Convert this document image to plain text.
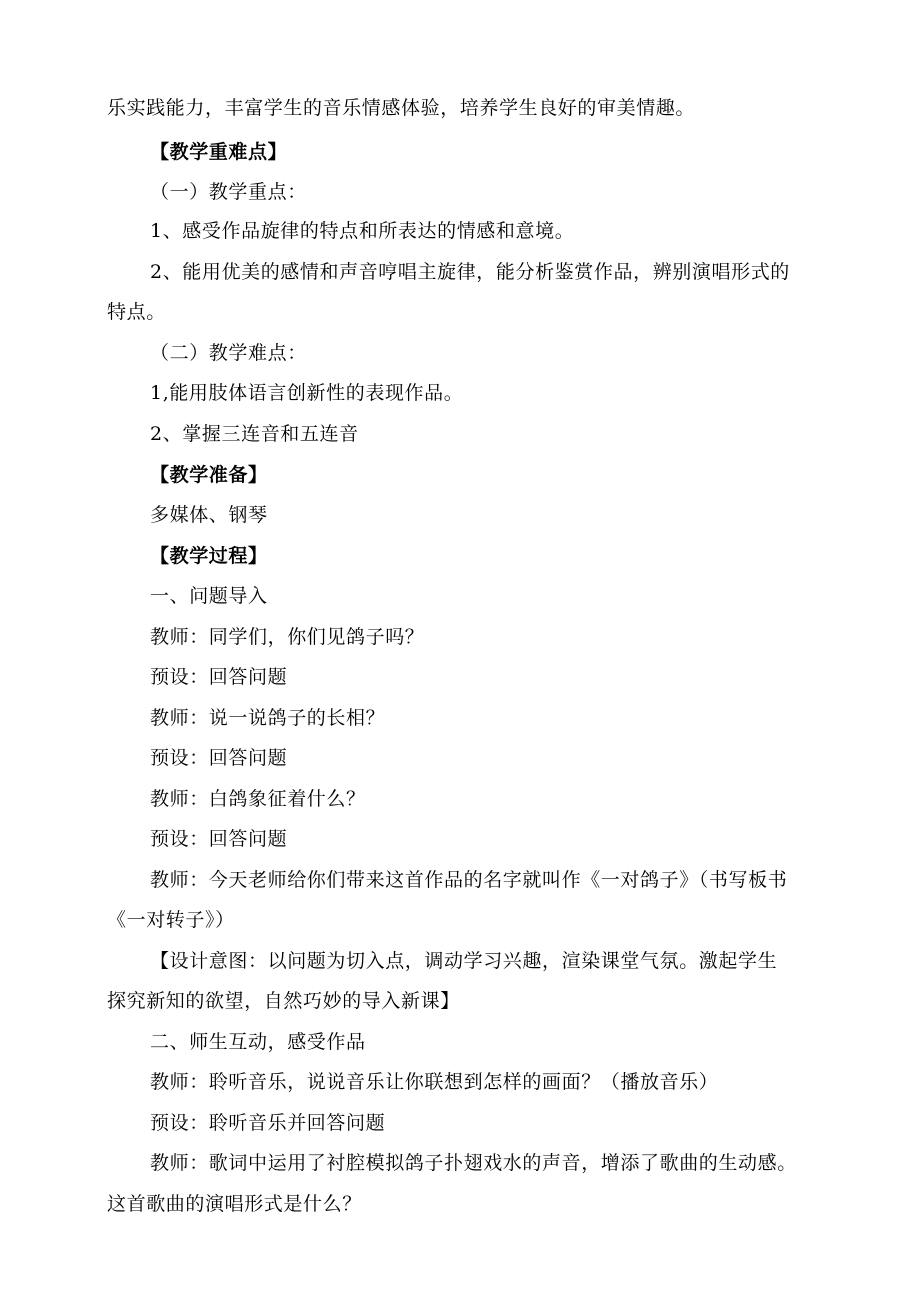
乐实践能力，丰富学生的音乐情感体验，培养学生良好的审美情趣。
【教学重难点】
（一）教学重点：
1、感受作品旋律的特点和所表达的情感和意境。
2、能用优美的感情和声音哼唱主旋律，能分析鉴赏作品，辨别演唱形式的
特点。
（二）教学难点：
1,能用肢体语言创新性的表现作品。
2、掌握三连音和五连音
【教学准备】
多媒体、钢琴
【教学过程】
一、问题导入
教师：同学们，你们见鸽子吗？
预设：回答问题
教师：说一说鸽子的长相？
预设：回答问题
教师：白鸽象征着什么？
预设：回答问题
教师：今天老师给你们带来这首作品的名字就叫作《一对鸽子》（书写板书
《一对转子》）
【设计意图：以问题为切入点，调动学习兴趣，渲染课堂气氛。激起学生
探究新知的欲望，自然巧妙的导入新课】
二、师生互动，感受作品
教师：聆听音乐，说说音乐让你联想到怎样的画面？（播放音乐）
预设：聆听音乐并回答问题
教师：歌词中运用了衬腔模拟鸽子扑翅戏水的声音，增添了歌曲的生动感。
这首歌曲的演唱形式是什么？
